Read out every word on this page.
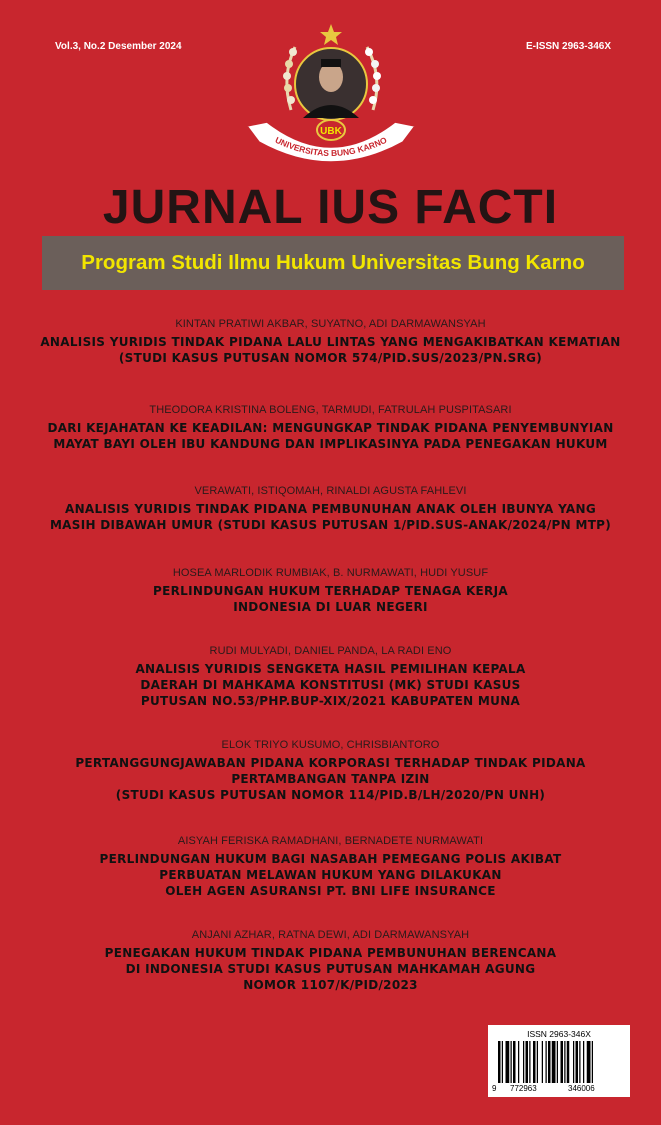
Vol.3, No.2 Desember 2024	E-ISSN 2963-346X
UBK
UNIVERSITAS BUNG KARNO
JURNAL IUS FACTI
Program Studi Ilmu Hukum Universitas Bung Karno
KINTAN PRATIWI AKBAR, SUYATNO, ADI DARMAWANSYAH
ANALISIS YURIDIS TINDAK PIDANA LALU LINTAS YANG MENGAKIBATKAN KEMATIAN
(STUDI KASUS PUTUSAN NOMOR 574/PID.SUS/2023/PN.SRG)
THEODORA KRISTINA BOLENG, TARMUDI, FATRULAH PUSPITASARI
DARI KEJAHATAN KE KEADILAN: MENGUNGKAP TINDAK PIDANA PENYEMBUNYIAN
MAYAT BAYI OLEH IBU KANDUNG DAN IMPLIKASINYA PADA PENEGAKAN HUKUM
VERAWATI, ISTIQOMAH, RINALDI AGUSTA FAHLEVI
ANALISIS YURIDIS TINDAK PIDANA PEMBUNUHAN ANAK OLEH IBUNYA YANG
MASIH DIBAWAH UMUR (STUDI KASUS PUTUSAN 1/PID.SUS-ANAK/2024/PN MTP)
HOSEA MARLODIK RUMBIAK, B. NURMAWATI, HUDI YUSUF
PERLINDUNGAN HUKUM TERHADAP TENAGA KERJA
INDONESIA DI LUAR NEGERI
RUDI MULYADI, DANIEL PANDA, LA RADI ENO
ANALISIS YURIDIS SENGKETA HASIL PEMILIHAN KEPALA
DAERAH DI MAHKAMA KONSTITUSI (MK) STUDI KASUS
PUTUSAN NO.53/PHP.BUP-XIX/2021 KABUPATEN MUNA
ELOK TRIYO KUSUMO, CHRISBIANTORO
PERTANGGUNGJAWABAN PIDANA KORPORASI TERHADAP TINDAK PIDANA
PERTAMBANGAN TANPA IZIN
(STUDI KASUS PUTUSAN NOMOR 114/PID.B/LH/2020/PN UNH)
AISYAH FERISKA RAMADHANI, BERNADETE NURMAWATI
PERLINDUNGAN HUKUM BAGI NASABAH PEMEGANG POLIS AKIBAT
PERBUATAN MELAWAN HUKUM YANG DILAKUKAN
OLEH AGEN ASURANSI PT. BNI LIFE INSURANCE
ANJANI AZHAR, RATNA DEWI, ADI DARMAWANSYAH
PENEGAKAN HUKUM TINDAK PIDANA PEMBUNUHAN BERENCANA
DI INDONESIA STUDI KASUS PUTUSAN MAHKAMAH AGUNG
NOMOR 1107/K/PID/2023
ISSN 2963-346X
9 772963	346006
